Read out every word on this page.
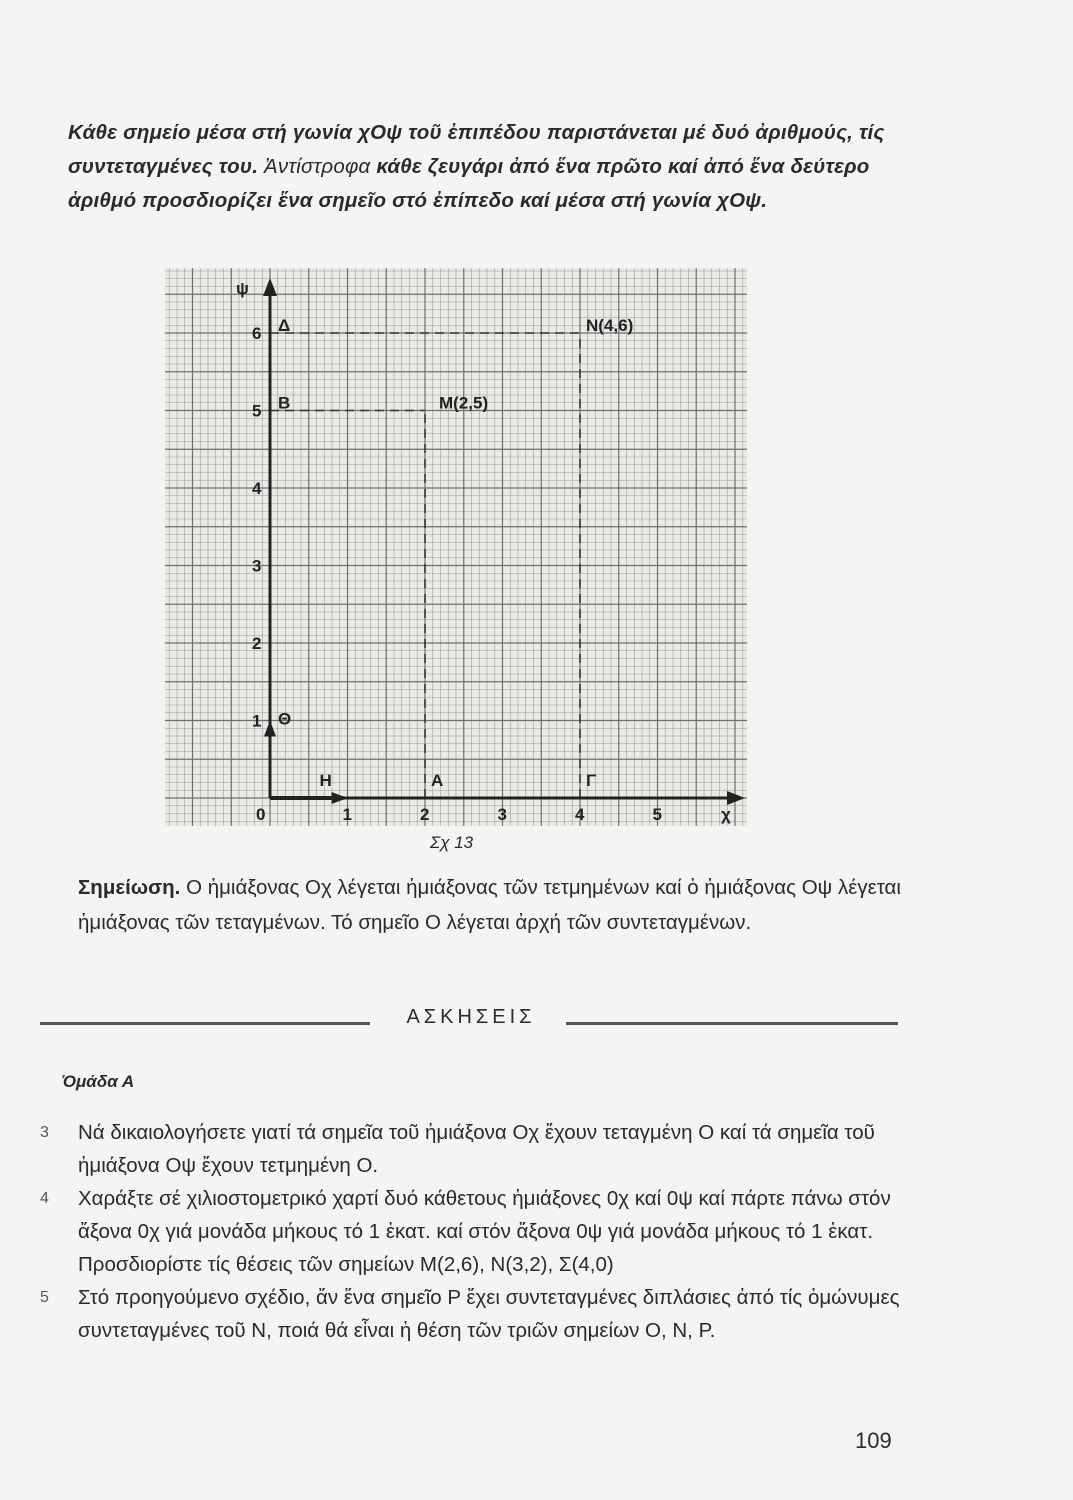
Κάθε σημείο μέσα στή γωνία χΟψ τοῦ ἐπιπέδου παριστάνεται μέ δυό ἀριθμούς, τίς συντεταγμένες του. Ἀντίστροφα κάθε ζευγάρι ἀπό ἕνα πρῶτο καί ἀπό ἕνα δεύτερο ἀριθμό προσδιορίζει ἕνα σημεῖο στό ἐπίπεδο καί μέσα στή γωνία χΟψ.

0	1	2	3	4	5
1
2
3
4
5
6
χ
ψ
N(4,6)
M(2,5)
Δ
Β
Θ
Η	Α	Γ

Σχ 13

Σημείωση. Ο ἡμιάξονας Οχ λέγεται ἡμιάξονας τῶν τετμημένων καί ὁ ἡμιάξονας Οψ λέγεται ἡμιάξονας τῶν τεταγμένων. Τό σημεῖο Ο λέγεται ἀρχή τῶν συντεταγμένων.

ΑΣΚΗΣΕΙΣ

Ὁμάδα Α

3 Νά δικαιολογήσετε γιατί τά σημεῖα τοῦ ἡμιάξονα Οχ ἔχουν τεταγμένη Ο καί τά σημεῖα τοῦ ἡμιάξονα Οψ ἔχουν τετμημένη Ο.
4 Χαράξτε σέ χιλιοστομετρικό χαρτί δυό κάθετους ἡμιάξονες 0χ καί 0ψ καί πάρτε πάνω στόν ἄξονα 0χ γιά μονάδα μήκους τό 1 ἑκατ. καί στόν ἄξονα 0ψ γιά μονάδα μήκους τό 1 ἑκατ. Προσδιορίστε τίς θέσεις τῶν σημείων Μ(2,6), Ν(3,2), Σ(4,0)
5 Στό προηγούμενο σχέδιο, ἄν ἕνα σημεῖο Ρ ἔχει συντεταγμένες διπλάσιες ἀπό τίς ὁμώνυμες συντεταγμένες τοῦ Ν, ποιά θά εἶναι ἡ θέση τῶν τριῶν σημείων Ο, Ν, Ρ.

109
